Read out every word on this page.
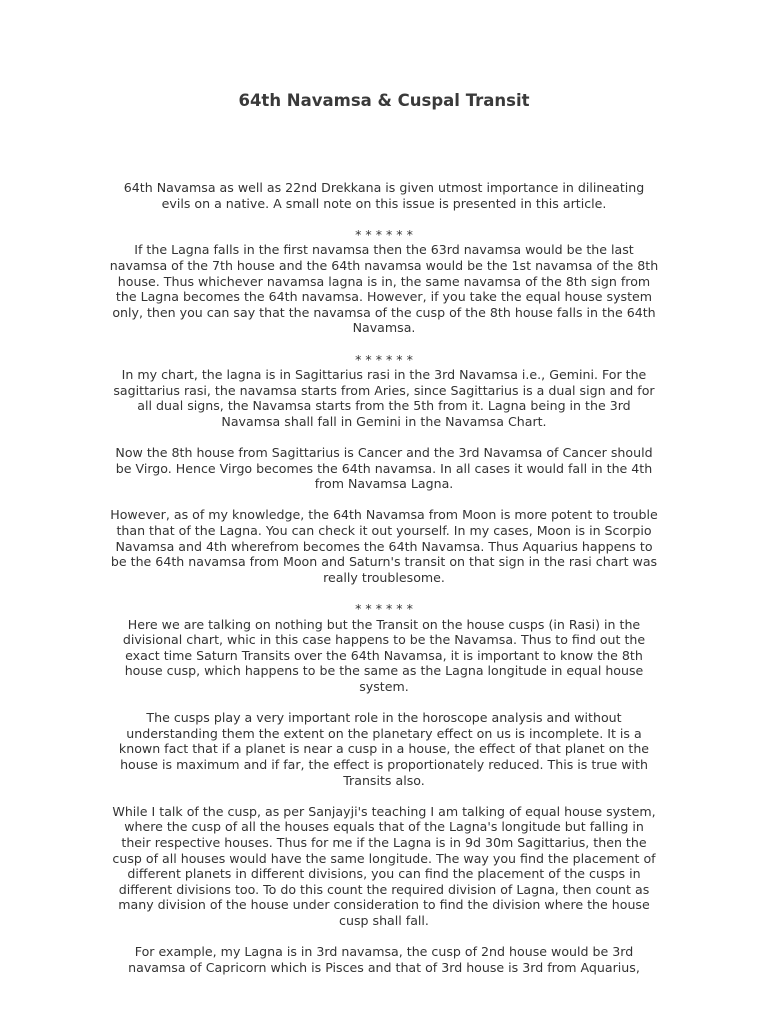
64th Navamsa & Cuspal Transit

64th Navamsa as well as 22nd Drekkana is given utmost importance in dilineating evils on a native. A small note on this issue is presented in this article.

* * * * * *

If the Lagna falls in the first navamsa then the 63rd navamsa would be the last navamsa of the 7th house and the 64th navamsa would be the 1st navamsa of the 8th house. Thus whichever navamsa lagna is in, the same navamsa of the 8th sign from the Lagna becomes the 64th navamsa. However, if you take the equal house system only, then you can say that the navamsa of the cusp of the 8th house falls in the 64th Navamsa.

* * * * * *

In my chart, the lagna is in Sagittarius rasi in the 3rd Navamsa i.e., Gemini. For the sagittarius rasi, the navamsa starts from Aries, since Sagittarius is a dual sign and for all dual signs, the Navamsa starts from the 5th from it. Lagna being in the 3rd Navamsa shall fall in Gemini in the Navamsa Chart.

Now the 8th house from Sagittarius is Cancer and the 3rd Navamsa of Cancer should be Virgo. Hence Virgo becomes the 64th navamsa. In all cases it would fall in the 4th from Navamsa Lagna.

However, as of my knowledge, the 64th Navamsa from Moon is more potent to trouble than that of the Lagna. You can check it out yourself. In my cases, Moon is in Scorpio Navamsa and 4th wherefrom becomes the 64th Navamsa. Thus Aquarius happens to be the 64th navamsa from Moon and Saturn's transit on that sign in the rasi chart was really troublesome.

* * * * * *

Here we are talking on nothing but the Transit on the house cusps (in Rasi) in the divisional chart, whic in this case happens to be the Navamsa. Thus to find out the exact time Saturn Transits over the 64th Navamsa, it is important to know the 8th house cusp, which happens to be the same as the Lagna longitude in equal house system.

The cusps play a very important role in the horoscope analysis and without understanding them the extent on the planetary effect on us is incomplete. It is a known fact that if a planet is near a cusp in a house, the effect of that planet on the house is maximum and if far, the effect is proportionately reduced. This is true with Transits also.

While I talk of the cusp, as per Sanjayji's teaching I am talking of equal house system, where the cusp of all the houses equals that of the Lagna's longitude but falling in their respective houses. Thus for me if the Lagna is in 9d 30m Sagittarius, then the cusp of all houses would have the same longitude. The way you find the placement of different planets in different divisions, you can find the placement of the cusps in different divisions too. To do this count the required division of Lagna, then count as many division of the house under consideration to find the division where the house cusp shall fall.

For example, my Lagna is in 3rd navamsa, the cusp of 2nd house would be 3rd navamsa of Capricorn which is Pisces and that of 3rd house is 3rd from Aquarius,
